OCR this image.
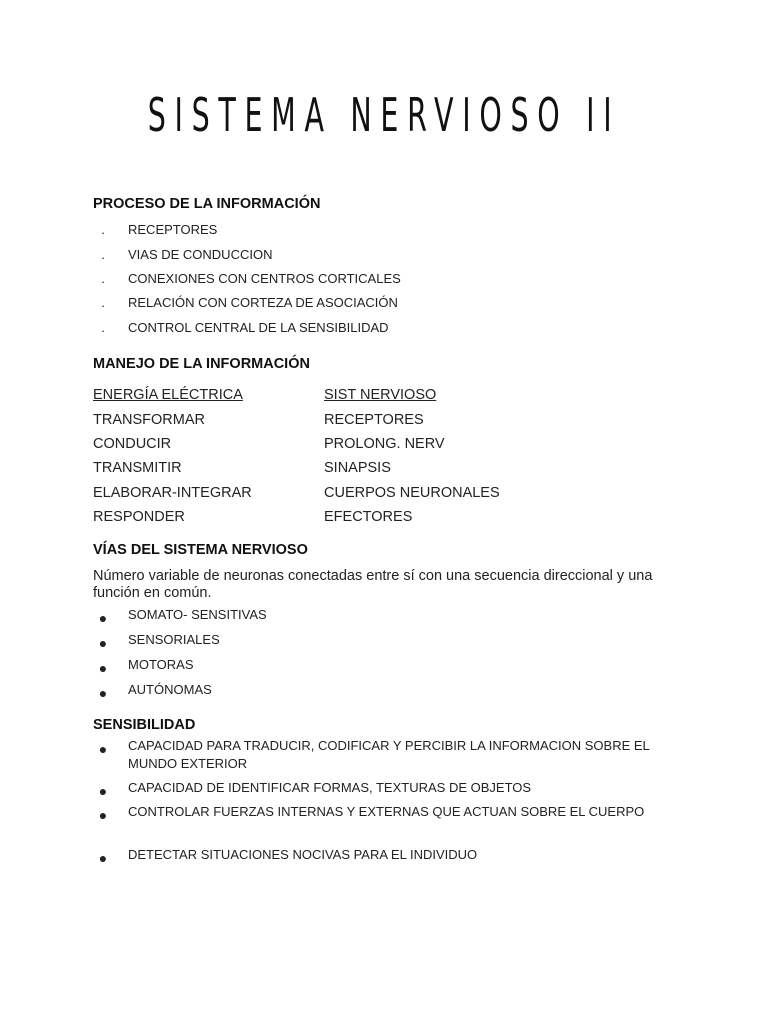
SISTEMA NERVIOSO II
PROCESO DE LA INFORMACIÓN
.	RECEPTORES
.	VIAS DE CONDUCCION
.	CONEXIONES CON CENTROS CORTICALES
.	RELACIÓN CON CORTEZA DE ASOCIACIÓN
.	CONTROL CENTRAL DE LA SENSIBILIDAD
MANEJO DE LA INFORMACIÓN
ENERGÍA ELÉCTRICA	SIST NERVIOSO
TRANSFORMAR	RECEPTORES
CONDUCIR	PROLONG. NERV
TRANSMITIR	SINAPSIS
ELABORAR-INTEGRAR	CUERPOS NEURONALES
RESPONDER	EFECTORES
VÍAS DEL SISTEMA NERVIOSO
Número variable de neuronas conectadas entre sí con una secuencia direccional y una función en común.
● SOMATO- SENSITIVAS
● SENSORIALES
● MOTORAS
● AUTÓNOMAS
SENSIBILIDAD
● CAPACIDAD PARA TRADUCIR, CODIFICAR Y PERCIBIR LA INFORMACION SOBRE EL MUNDO EXTERIOR
● CAPACIDAD DE IDENTIFICAR FORMAS, TEXTURAS DE OBJETOS
● CONTROLAR FUERZAS INTERNAS Y EXTERNAS QUE ACTUAN SOBRE EL CUERPO
● DETECTAR SITUACIONES NOCIVAS PARA EL INDIVIDUO
